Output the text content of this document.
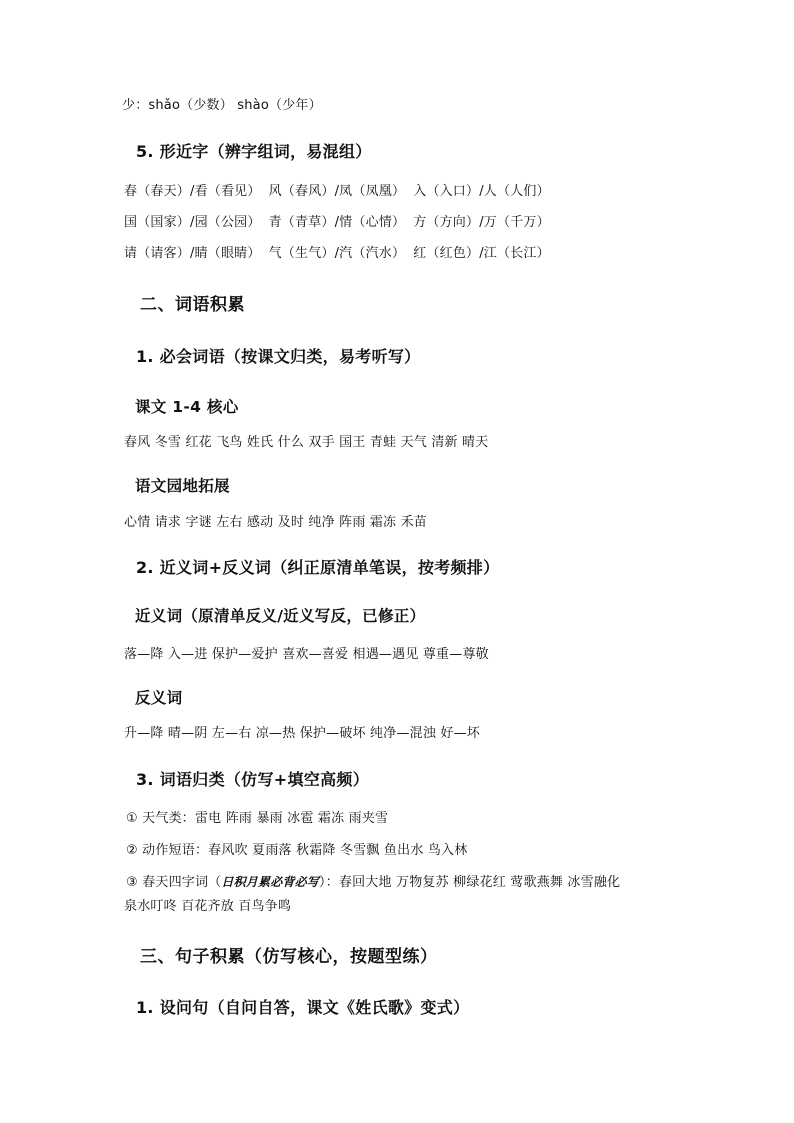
少：shǎo（少数） shào（少年）
5. 形近字（辨字组词，易混组）
春（春天）/看（看见） 风（春风）/凤（凤凰） 入（入口）/人（人们）
国（国家）/园（公园） 青（青草）/情（心情） 方（方向）/万（千万）
请（请客）/睛（眼睛） 气（生气）/汽（汽水） 红（红色）/江（长江）
二、词语积累
1. 必会词语（按课文归类，易考听写）
课文 1-4 核心
春风 冬雪 红花 飞鸟 姓氏 什么 双手 国王 青蛙 天气 清新 晴天
语文园地拓展
心情 请求 字谜 左右 感动 及时 纯净 阵雨 霜冻 禾苗
2. 近义词+反义词（纠正原清单笔误，按考频排）
近义词（原清单反义/近义写反，已修正）
落—降 入—进 保护—爱护 喜欢—喜爱 相遇—遇见 尊重—尊敬
反义词
升—降 晴—阴 左—右 凉—热 保护—破坏 纯净—混浊 好—坏
3. 词语归类（仿写+填空高频）
① 天气类：雷电 阵雨 暴雨 冰雹 霜冻 雨夹雪
② 动作短语：春风吹 夏雨落 秋霜降 冬雪飘 鱼出水 鸟入林
③ 春天四字词（日积月累必背必写）：春回大地 万物复苏 柳绿花红 莺歌燕舞 冰雪融化
泉水叮咚 百花齐放 百鸟争鸣
三、句子积累（仿写核心，按题型练）
1. 设问句（自问自答，课文《姓氏歌》变式）
